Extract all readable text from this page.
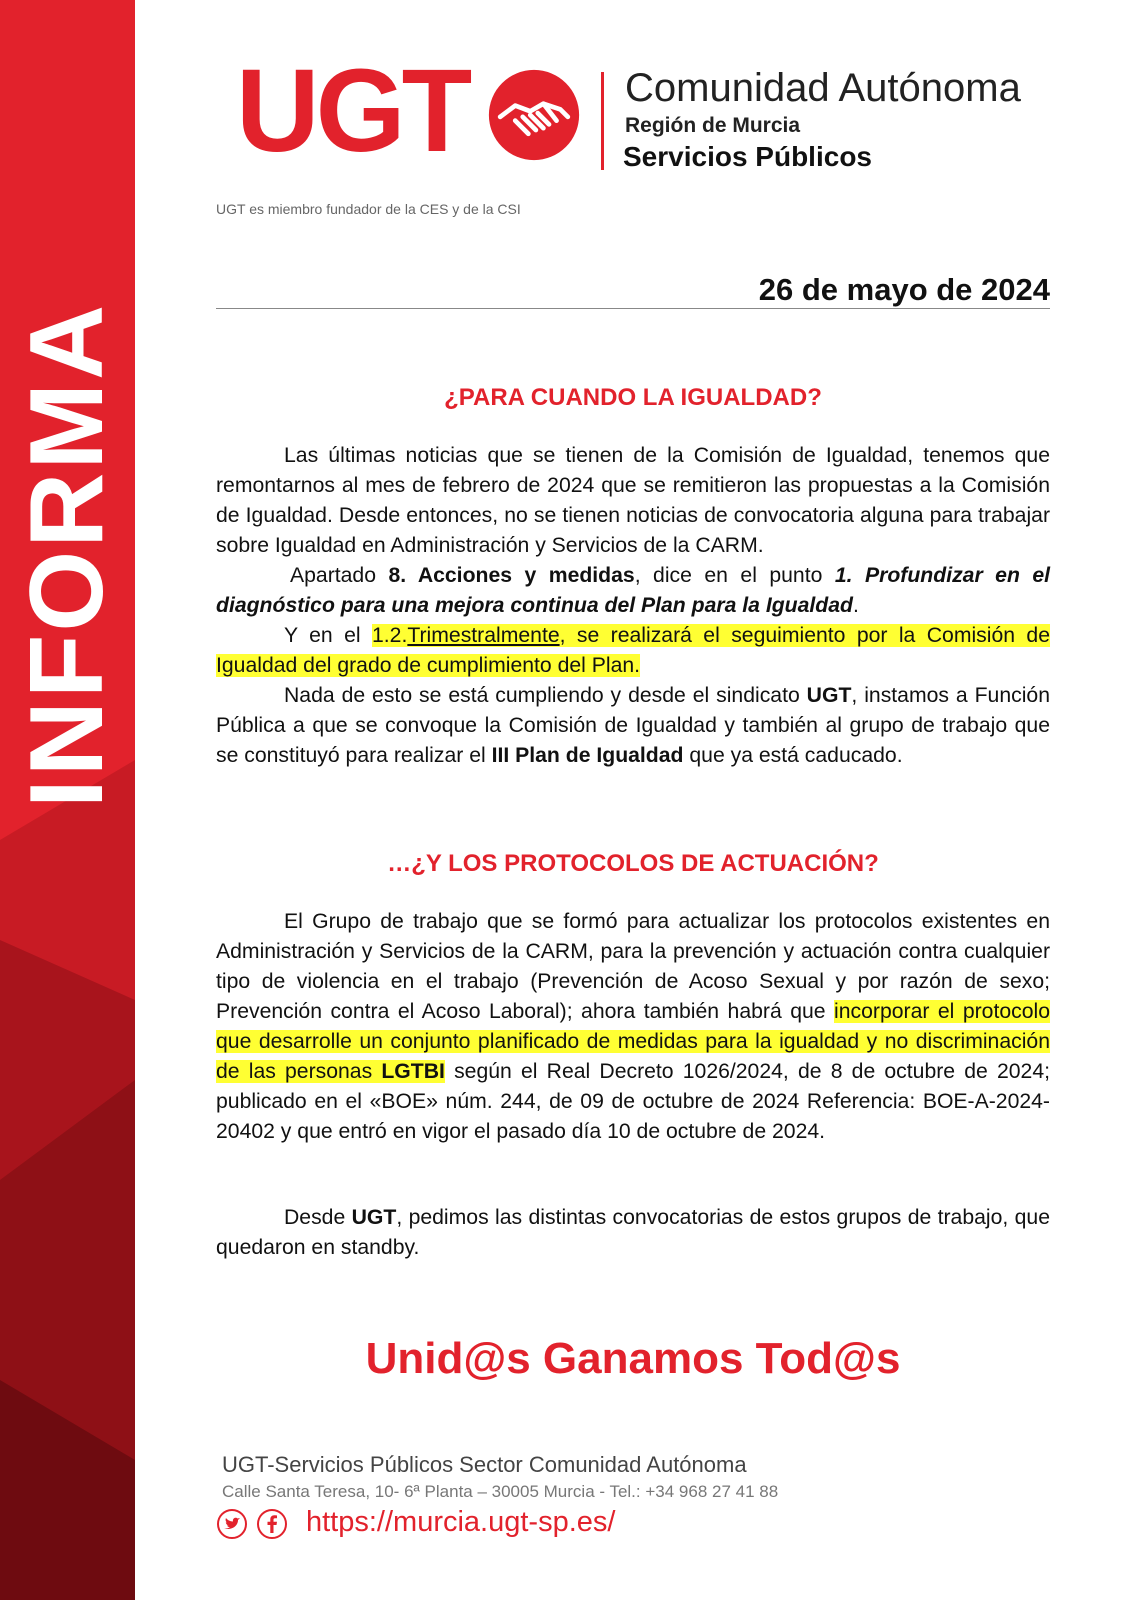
INFORMA
UGT	Comunidad Autónoma
Región de Murcia
Servicios Públicos
UGT es miembro fundador de la CES y de la CSI
26 de mayo de 2024
¿PARA CUANDO LA IGUALDAD?

Las últimas noticias que se tienen de la Comisión de Igualdad, tenemos que remontarnos al mes de febrero de 2024 que se remitieron las propuestas a la Comisión de Igualdad. Desde entonces, no se tienen noticias de convocatoria alguna para trabajar sobre Igualdad en Administración y Servicios de la CARM.

Apartado 8. Acciones y medidas, dice en el punto 1. Profundizar en el diagnóstico para una mejora continua del Plan para la Igualdad.

Y en el 1.2.Trimestralmente, se realizará el seguimiento por la Comisión de Igualdad del grado de cumplimiento del Plan.

Nada de esto se está cumpliendo y desde el sindicato UGT, instamos a Función Pública a que se convoque la Comisión de Igualdad y también al grupo de trabajo que se constituyó para realizar el III Plan de Igualdad que ya está caducado.

…¿Y LOS PROTOCOLOS DE ACTUACIÓN?

El Grupo de trabajo que se formó para actualizar los protocolos existentes en Administración y Servicios de la CARM, para la prevención y actuación contra cualquier tipo de violencia en el trabajo (Prevención de Acoso Sexual y por razón de sexo; Prevención contra el Acoso Laboral); ahora también habrá que incorporar el protocolo que desarrolle un conjunto planificado de medidas para la igualdad y no discriminación de las personas LGTBI según el Real Decreto 1026/2024, de 8 de octubre de 2024; publicado en el «BOE» núm. 244, de 09 de octubre de 2024 Referencia: BOE-A-2024-20402 y que entró en vigor el pasado día 10 de octubre de 2024.

Desde UGT, pedimos las distintas convocatorias de estos grupos de trabajo, que quedaron en standby.

Unid@s Ganamos Tod@s
UGT-Servicios Públicos Sector Comunidad Autónoma
Calle Santa Teresa, 10- 6ª Planta – 30005 Murcia - Tel.: +34 968 27 41 88
https://murcia.ugt-sp.es/
